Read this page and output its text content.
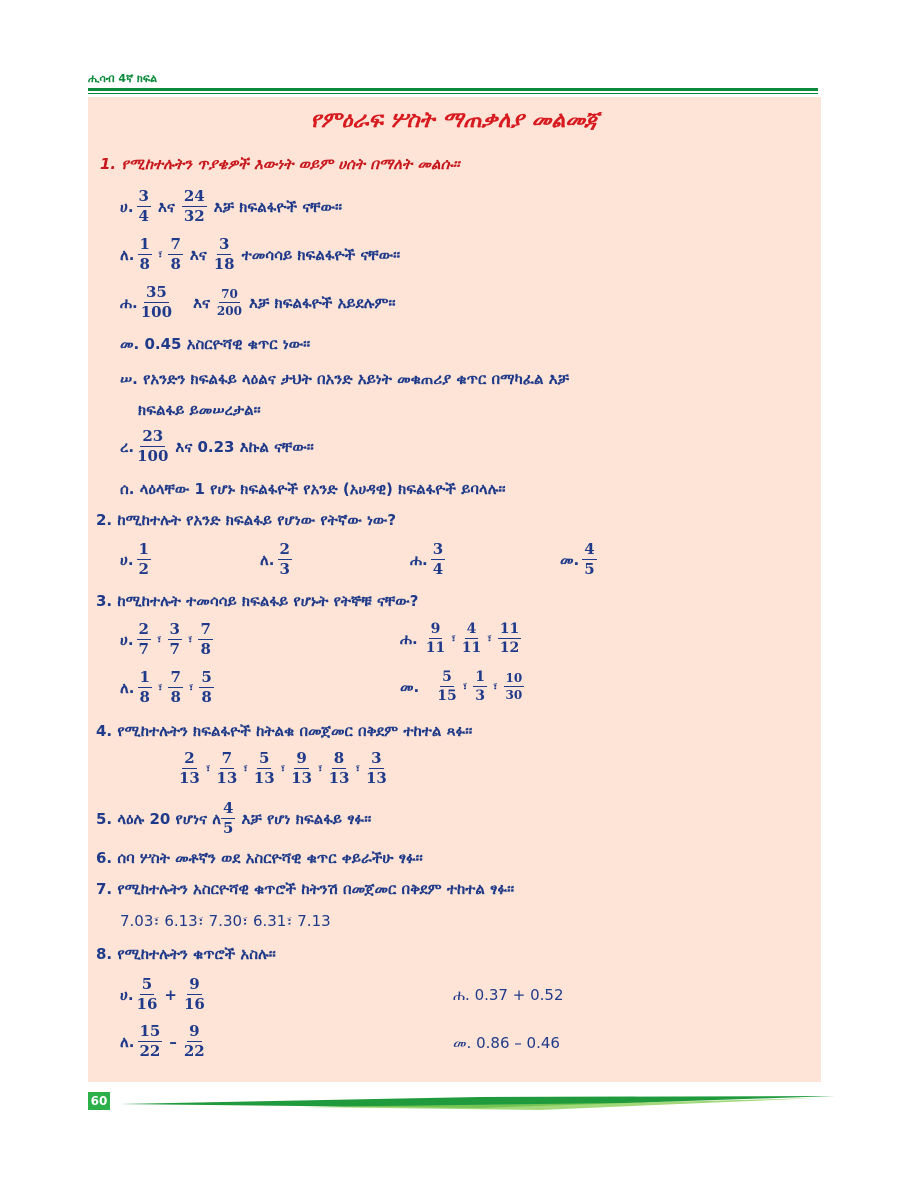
ሒሳብ 4ኛ ክፍል
የምዕራፍ ሦስት ማጠቃለያ መልመጃ
1. የሚከተሉትን ጥያቄዎች እውነት ወይም ሀሰት በማለት መልሱ፡፡
ሀ. $\frac{3}{4}$ እና $\frac{24}{32}$ እቻ ክፍልፋዮች ናቸው፡፡
ለ. $\frac{1}{8}$ ፣ $\frac{7}{8}$ እና $\frac{3}{18}$ ተመሳሳይ ክፍልፋዮች ናቸው፡፡
ሐ. $\frac{35}{100}$ እና $\frac{70}{200}$ እቻ ክፍልፋዮች አይደሉም፡፡
መ. 0.45 አስርዮሻዊ ቁጥር ነው፡፡
ሠ. የአንድን ክፍልፋይ ላዕልና ታህት በአንድ አይነት መቁጠሪያ ቁጥር በማካፈል እቻ
ክፍልፋይ ይመሠረታል፡፡
ረ. $\frac{23}{100}$ እና 0.23 እኩል ናቸው፡፡
ሰ. ላዕላቸው 1 የሆኑ ክፍልፋዮች የአንድ (አሀዳዊ) ክፍልፋዮች ይባላሉ፡፡
2. ከሚከተሉት የአንድ ክፍልፋይ የሆነው የትኛው ነው?
ሀ. $\frac{1}{2}$	ለ. $\frac{2}{3}$	ሐ. $\frac{3}{4}$	መ. $\frac{4}{5}$
3. ከሚከተሉት ተመሳሳይ ክፍልፋይ የሆኑት የትኞቹ ናቸው?
ሀ. $\frac{2}{7}$ ፣ $\frac{3}{7}$ ፣ $\frac{7}{8}$	ሐ. $\frac{9}{11}$ ፣ $\frac{4}{11}$ ፣ $\frac{11}{12}$
ለ. $\frac{1}{8}$ ፣ $\frac{7}{8}$ ፣ $\frac{5}{8}$	መ. $\frac{5}{15}$ ፣ $\frac{1}{3}$ ፣ $\frac{10}{30}$
4. የሚከተሉትን ክፍልፋዮች ከትልቁ በመጀመር በቅደም ተከተል ጻፉ፡፡
$\frac{2}{13}$ ፣ $\frac{7}{13}$ ፣ $\frac{5}{13}$ ፣ $\frac{9}{13}$ ፣ $\frac{8}{13}$ ፣ $\frac{3}{13}$
5. ላዕሉ 20 የሆነና ለ $\frac{4}{5}$ እቻ የሆነ ክፍልፋይ ፃፉ፡፡
6. ሰባ ሦስት መቶኛን ወደ አስርዮሻዊ ቁጥር ቀይራችሁ ፃፉ፡፡
7. የሚከተሉትን አስርዮሻዊ ቁጥሮች ከትንሽ በመጀመር በቅደም ተከተል ፃፉ፡፡
7.03፣ 6.13፣ 7.30፣ 6.31፣ 7.13
8. የሚከተሉትን ቁጥሮች አስሉ፡፡
ሀ. $\frac{5}{16} + \frac{9}{16}$	ሐ. 0.37 + 0.52
ለ. $\frac{15}{22} - \frac{9}{22}$	መ. 0.86 – 0.46
60
